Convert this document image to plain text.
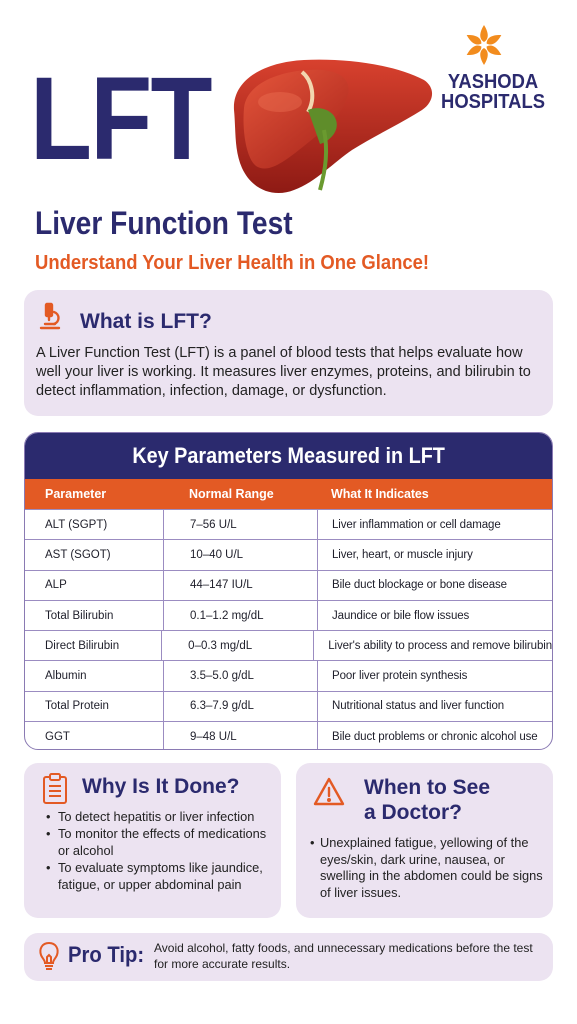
LFT	YASHODA
HOSPITALS
Liver Function Test
Understand Your Liver Health in One Glance!
What is LFT?
A Liver Function Test (LFT) is a panel of blood tests that helps evaluate how well your liver is working. It measures liver enzymes, proteins, and bilirubin to detect inflammation, infection, damage, or dysfunction.
Key Parameters Measured in LFT
Parameter	Normal Range	What It Indicates
ALT (SGPT)	7–56 U/L	Liver inflammation or cell damage
AST (SGOT)	10–40 U/L	Liver, heart, or muscle injury
ALP	44–147 IU/L	Bile duct blockage or bone disease
Total Bilirubin	0.1–1.2 mg/dL	Jaundice or bile flow issues
Direct Bilirubin	0–0.3 mg/dL	Liver's ability to process and remove bilirubin
Albumin	3.5–5.0 g/dL	Poor liver protein synthesis
Total Protein	6.3–7.9 g/dL	Nutritional status and liver function
GGT	9–48 U/L	Bile duct problems or chronic alcohol use
Why Is It Done?
• To detect hepatitis or liver infection
• To monitor the effects of medications or alcohol
• To evaluate symptoms like jaundice, fatigue, or upper abdominal pain
When to See
a Doctor?
• Unexplained fatigue, yellowing of the eyes/skin, dark urine, nausea, or swelling in the abdomen could be signs of liver issues.
Pro Tip: Avoid alcohol, fatty foods, and unnecessary medications before the test for more accurate results.
